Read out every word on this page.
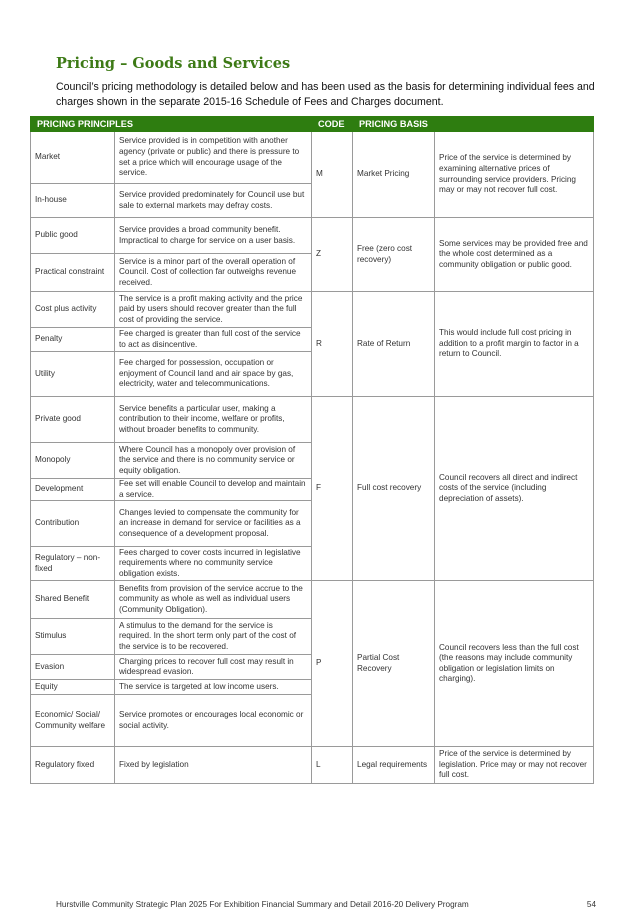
Pricing – Goods and Services
Council’s pricing methodology is detailed below and has been used as the basis for determining individual fees and charges shown in the separate 2015-16 Schedule of Fees and Charges document.
PRICING PRINCIPLES		CODE	PRICING BASIS	
Market	Service provided is in competition with another agency (private or public) and there is pressure to set a price which will encourage usage of the service.	M	Market Pricing	Price of the service is determined by examining alternative prices of surrounding service providers. Pricing may or may not recover full cost.
In-house	Service provided predominately for Council use but sale to external markets may defray costs.			
Public good	Service provides a broad community benefit. Impractical to charge for service on a user basis.	Z	Free (zero cost recovery)	Some services may be provided free and the whole cost determined as a community obligation or public good.
Practical constraint	Service is a minor part of the overall operation of Council. Cost of collection far outweighs revenue received.			
Cost plus activity	The service is a profit making activity and the price paid by users should recover greater than the full cost of providing the service.	R	Rate of Return	This would include full cost pricing in addition to a profit margin to factor in a return to Council.
Penalty	Fee charged is greater than full cost of the service to act as disincentive.			
Utility	Fee charged for possession, occupation or enjoyment of Council land and air space by gas, electricity, water and telecommunications.			
Private good	Service benefits a particular user, making a contribution to their income, welfare or profits, without broader benefits to community.	F	Full cost recovery	Council recovers all direct and indirect costs of the service (including depreciation of assets).
Monopoly	Where Council has a monopoly over provision of the service and there is no community service or equity obligation.			
Development	Fee set will enable Council to develop and maintain a service.			
Contribution	Changes levied to compensate the community for an increase in demand for service or facilities as a consequence of a development proposal.			
Regulatory – non-fixed	Fees charged to cover costs incurred in legislative requirements where no community service obligation exists.			
Shared Benefit	Benefits from provision of the service accrue to the community as whole as well as individual users (Community Obligation).	P	Partial Cost Recovery	Council recovers less than the full cost (the reasons may include community obligation or legislation limits on charging).
Stimulus	A stimulus to the demand for the service is required. In the short term only part of the cost of the service is to be recovered.			
Evasion	Charging prices to recover full cost may result in widespread evasion.			
Equity	The service is targeted at low income users.			
Economic/ Social/ Community welfare	Service promotes or encourages local economic or social activity.			
Regulatory fixed	Fixed by legislation	L	Legal requirements	Price of the service is determined by legislation. Price may or may not recover full cost.
Hurstville Community Strategic Plan 2025 For Exhibition Financial Summary and Detail 2016-20 Delivery Program	54
